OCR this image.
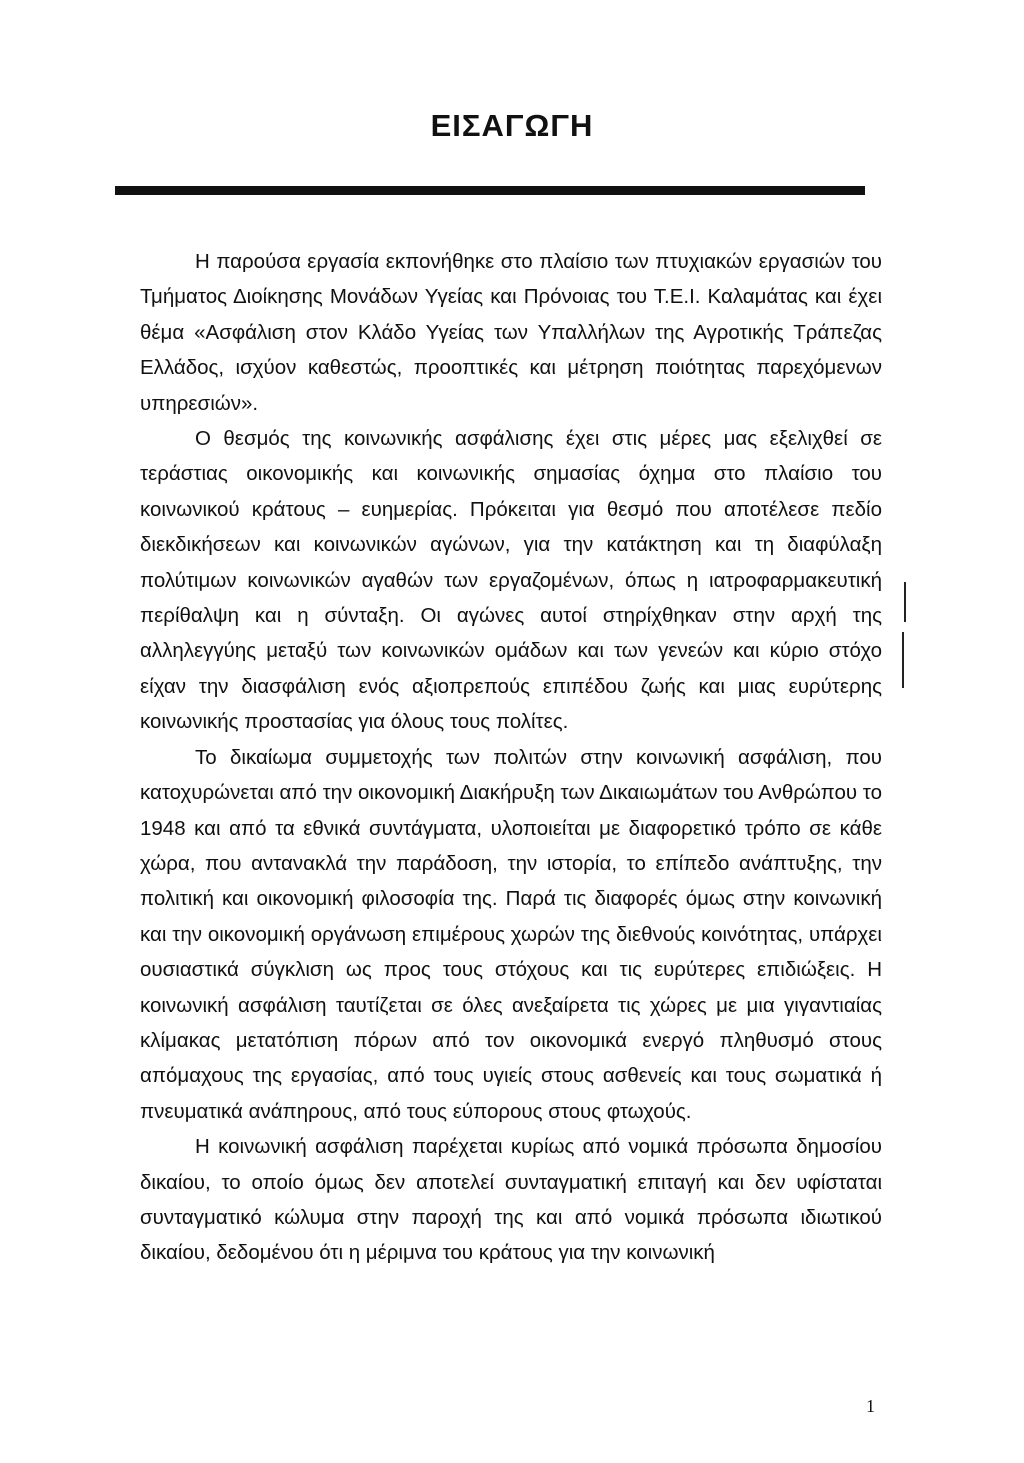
ΕΙΣΑΓΩΓΗ

Η παρούσα εργασία εκπονήθηκε στο πλαίσιο των πτυχιακών εργασιών του Τμήματος Διοίκησης Μονάδων Υγείας και Πρόνοιας του Τ.Ε.Ι. Καλαμάτας και έχει θέμα «Ασφάλιση στον Κλάδο Υγείας των Υπαλλήλων της Αγροτικής Τράπεζας Ελλάδος, ισχύον καθεστώς, προοπτικές και μέτρηση ποιότητας παρεχόμενων υπηρεσιών».

Ο θεσμός της κοινωνικής ασφάλισης έχει στις μέρες μας εξελιχθεί σε τεράστιας οικονομικής και κοινωνικής σημασίας όχημα στο πλαίσιο του κοινωνικού κράτους – ευημερίας. Πρόκειται για θεσμό που αποτέλεσε πεδίο διεκδικήσεων και κοινωνικών αγώνων, για την κατάκτηση και τη διαφύλαξη πολύτιμων κοινωνικών αγαθών των εργαζομένων, όπως η ιατροφαρμακευτική περίθαλψη και η σύνταξη. Οι αγώνες αυτοί στηρίχθηκαν στην αρχή της αλληλεγγύης μεταξύ των κοινωνικών ομάδων και των γενεών και κύριο στόχο είχαν την διασφάλιση ενός αξιοπρεπούς επιπέδου ζωής και μιας ευρύτερης κοινωνικής προστασίας για όλους τους πολίτες.

Το δικαίωμα συμμετοχής των πολιτών στην κοινωνική ασφάλιση, που κατοχυρώνεται από την οικονομική Διακήρυξη των Δικαιωμάτων του Ανθρώπου το 1948 και από τα εθνικά συντάγματα, υλοποιείται με διαφορετικό τρόπο σε κάθε χώρα, που αντανακλά την παράδοση, την ιστορία, το επίπεδο ανάπτυξης, την πολιτική και οικονομική φιλοσοφία της. Παρά τις διαφορές όμως στην κοινωνική και την οικονομική οργάνωση επιμέρους χωρών της διεθνούς κοινότητας, υπάρχει ουσιαστικά σύγκλιση ως προς τους στόχους και τις ευρύτερες επιδιώξεις. Η κοινωνική ασφάλιση ταυτίζεται σε όλες ανεξαίρετα τις χώρες με μια γιγαντιαίας κλίμακας μετατόπιση πόρων από τον οικονομικά ενεργό πληθυσμό στους απόμαχους της εργασίας, από τους υγιείς στους ασθενείς και τους σωματικά ή πνευματικά ανάπηρους, από τους εύπορους στους φτωχούς.

Η κοινωνική ασφάλιση παρέχεται κυρίως από νομικά πρόσωπα δημοσίου δικαίου, το οποίο όμως δεν αποτελεί συνταγματική επιταγή και δεν υφίσταται συνταγματικό κώλυμα στην παροχή της και από νομικά πρόσωπα ιδιωτικού δικαίου, δεδομένου ότι η μέριμνα του κράτους για την κοινωνική

1
